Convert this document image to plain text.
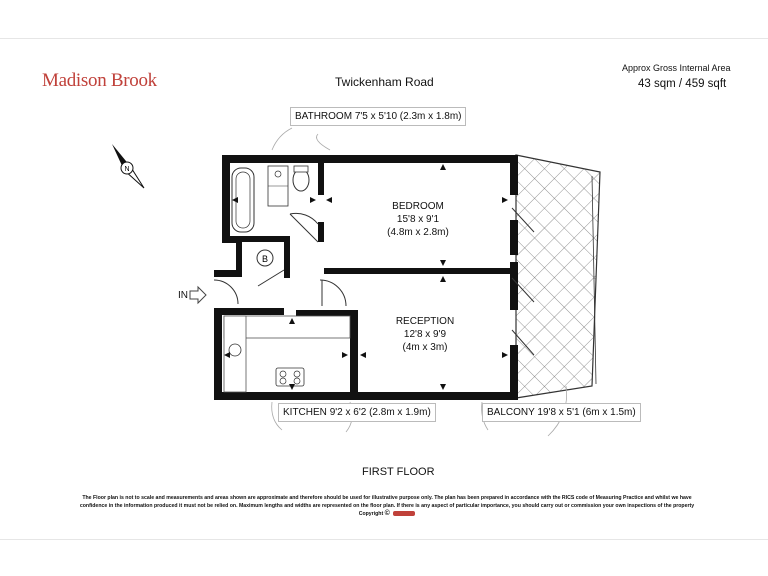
Madison Brook	Twickenham Road
Approx Gross Internal Area
43 sqm / 459 sqft
N
B
IN
BATHROOM 7'5 x 5'10 (2.3m x 1.8m)
BEDROOM
15'8 x 9'1
(4.8m x 2.8m)
RECEPTION
12'8 x 9'9
(4m x 3m)
KITCHEN 9'2 x 6'2 (2.8m x 1.9m)	BALCONY 19'8 x 5'1 (6m x 1.5m)
FIRST FLOOR
The Floor plan is not to scale and measurements and areas shown are approximate and therefore should be used for illustrative purpose only. The plan has been prepared in accordance with the RICS code of Measuring Practice and whilst we have
confidence in the information produced it must not be relied on. Maximum lengths and widths are represented on the floor plan. If there is any aspect of particular importance, you should carry out or commission your own inspections of the property
Copyright ©
